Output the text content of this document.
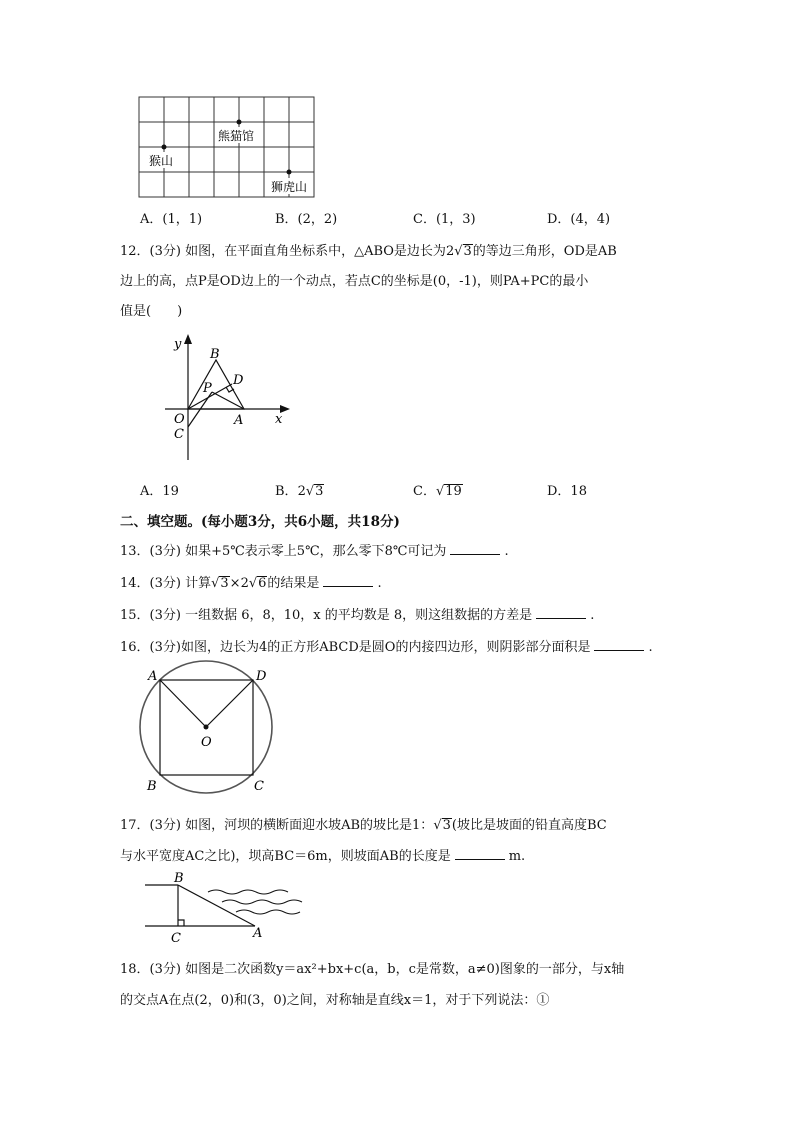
熊猫馆
猴山
狮虎山
A．(1，1)	B．(2，2)	C．(1，3)	D．(4，4)
12．(3分) 如图，在平面直角坐标系中，△ABO是边长为2√3的等边三角形，OD是AB
边上的高，点P是OD边上的一个动点，若点C的坐标是(0，-1)，则PA+PC的最小
值是(　　)
y
B
D
P
O	A x
C
A．19	B．2√3	C．√19	D．18
二、填空题。(每小题3分，共6小题，共18分)
13．(3分) 如果+5℃表示零上5℃，那么零下8℃可记为	.
14．(3分) 计算√3×2√6的结果是	.
15．(3分) 一组数据 6，8，10，x 的平均数是 8，则这组数据的方差是	.
16．(3分)如图，边长为4的正方形ABCD是圆O的内接四边形，则阴影部分面积是	.
A	D
O
B	C
17．(3分) 如图，河坝的横断面迎水坡AB的坡比是1：√3(坡比是坡面的铅直高度BC
与水平宽度AC之比)，坝高BC＝6m，则坡面AB的长度是	m.
B
C	A
18．(3分) 如图是二次函数y＝ax²+bx+c(a，b，c是常数，a≠0)图象的一部分，与x轴
的交点A在点(2，0)和(3，0)之间，对称轴是直线x＝1，对于下列说法：①
